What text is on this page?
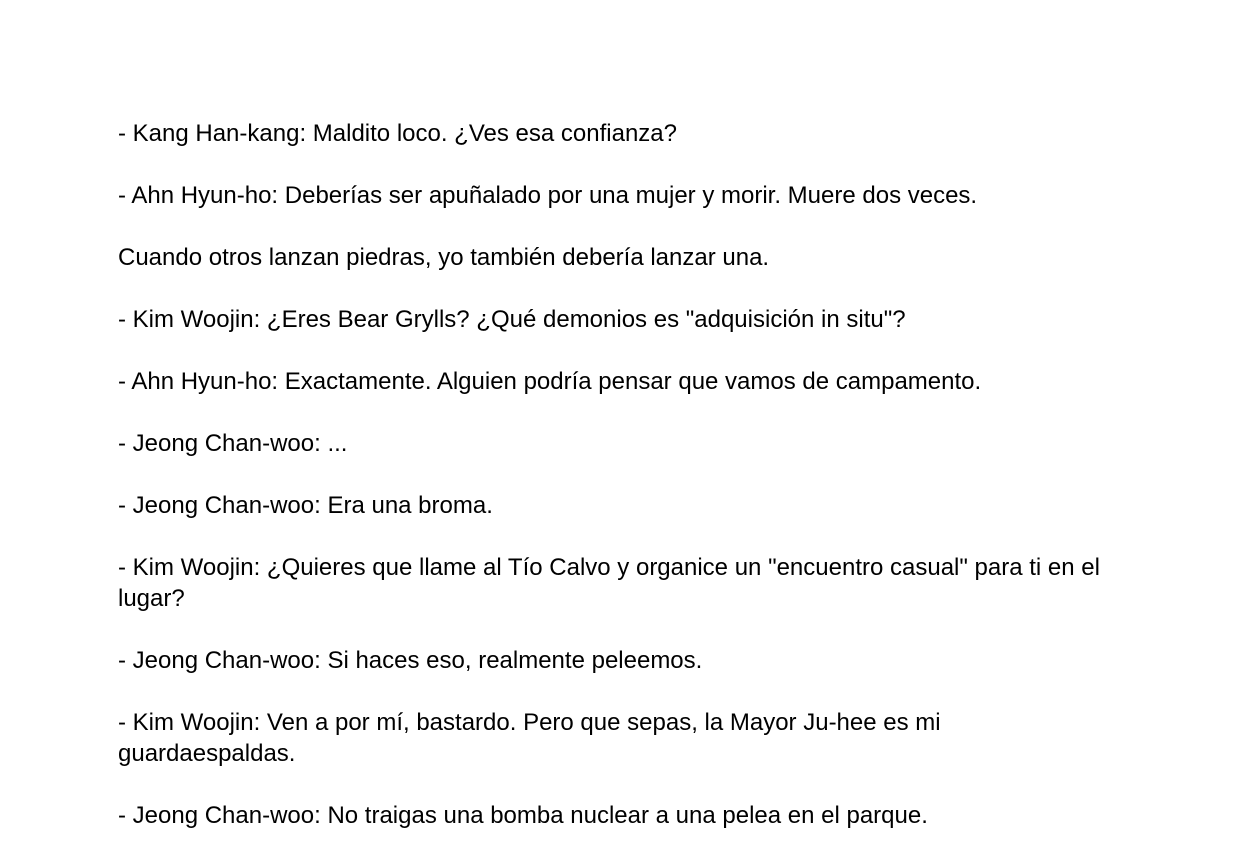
- Kang Han-kang: Maldito loco. ¿Ves esa confianza?

- Ahn Hyun-ho: Deberías ser apuñalado por una mujer y morir. Muere dos veces.

Cuando otros lanzan piedras, yo también debería lanzar una.

- Kim Woojin: ¿Eres Bear Grylls? ¿Qué demonios es "adquisición in situ"?

- Ahn Hyun-ho: Exactamente. Alguien podría pensar que vamos de campamento.

- Jeong Chan-woo: ...

- Jeong Chan-woo: Era una broma.

- Kim Woojin: ¿Quieres que llame al Tío Calvo y organice un "encuentro casual" para ti en el lugar?

- Jeong Chan-woo: Si haces eso, realmente peleemos.

- Kim Woojin: Ven a por mí, bastardo. Pero que sepas, la Mayor Ju-hee es mi guardaespaldas.

- Jeong Chan-woo: No traigas una bomba nuclear a una pelea en el parque.
